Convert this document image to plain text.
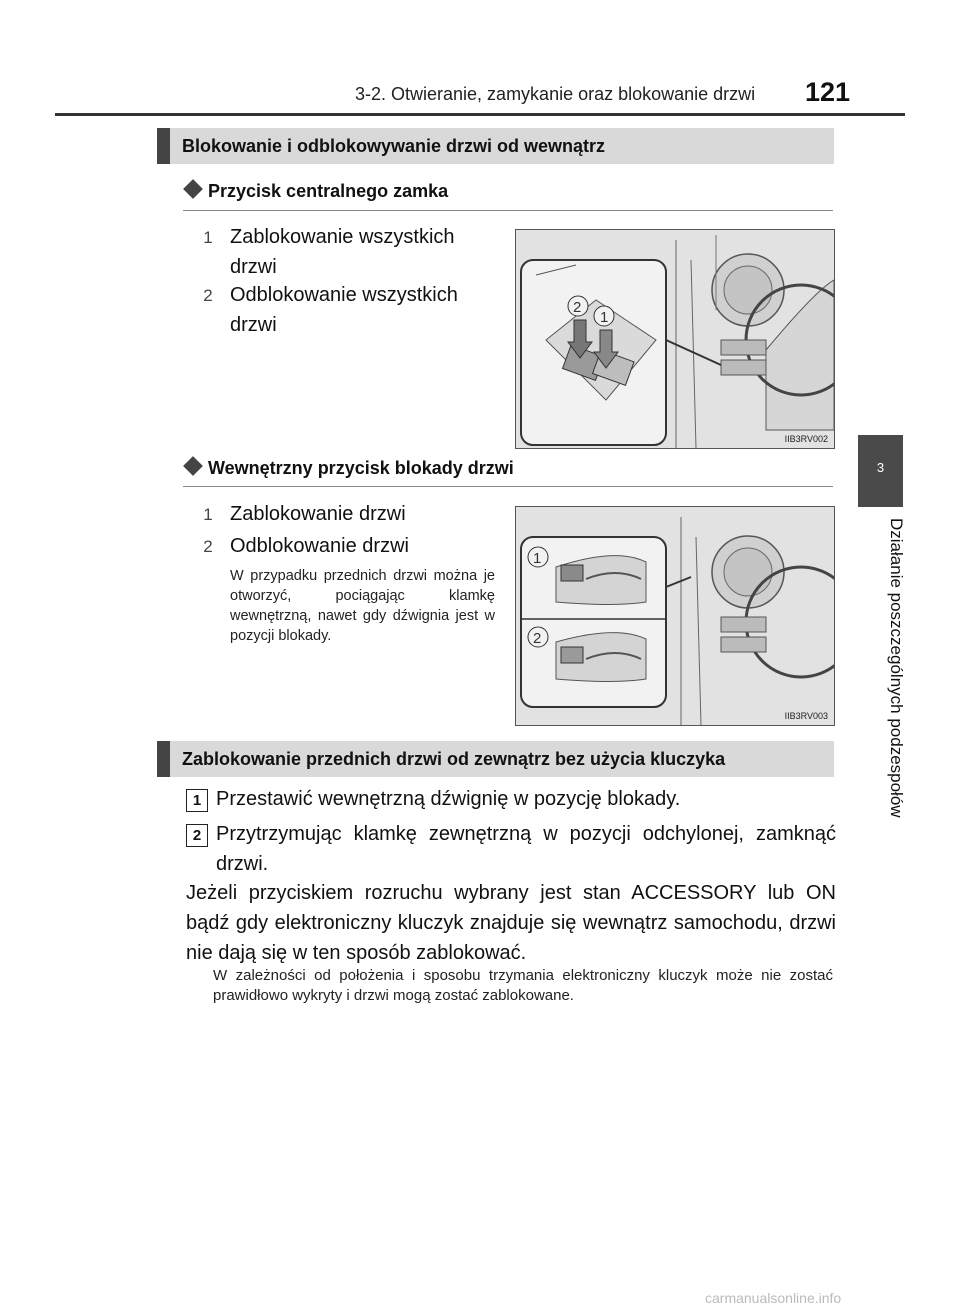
3-2. Otwieranie, zamykanie oraz blokowanie drzwi 121
3
Działanie poszczególnych podzespołów
Blokowanie i odblokowywanie drzwi od wewnątrz
Przycisk centralnego zamka
1 Zablokowanie wszystkich drzwi
2 Odblokowanie wszystkich drzwi
2
1
IIB3RV002
Wewnętrzny przycisk blokady drzwi
1 Zablokowanie drzwi
2 Odblokowanie drzwi
W przypadku przednich drzwi można je otworzyć, pociągając klamkę wewnętrzną, nawet gdy dźwignia jest w pozycji blokady.
1
2
IIB3RV003
Zablokowanie przednich drzwi od zewnątrz bez użycia kluczyka
1 Przestawić wewnętrzną dźwignię w pozycję blokady.
2 Przytrzymując klamkę zewnętrzną w pozycji odchylonej, zamknąć drzwi.
Jeżeli przyciskiem rozruchu wybrany jest stan ACCESSORY lub ON bądź gdy elektroniczny kluczyk znajduje się wewnątrz samochodu, drzwi nie dają się w ten sposób zablokować.
W zależności od położenia i sposobu trzymania elektroniczny kluczyk może nie zostać prawidłowo wykryty i drzwi mogą zostać zablokowane.
carmanualsonline.info
